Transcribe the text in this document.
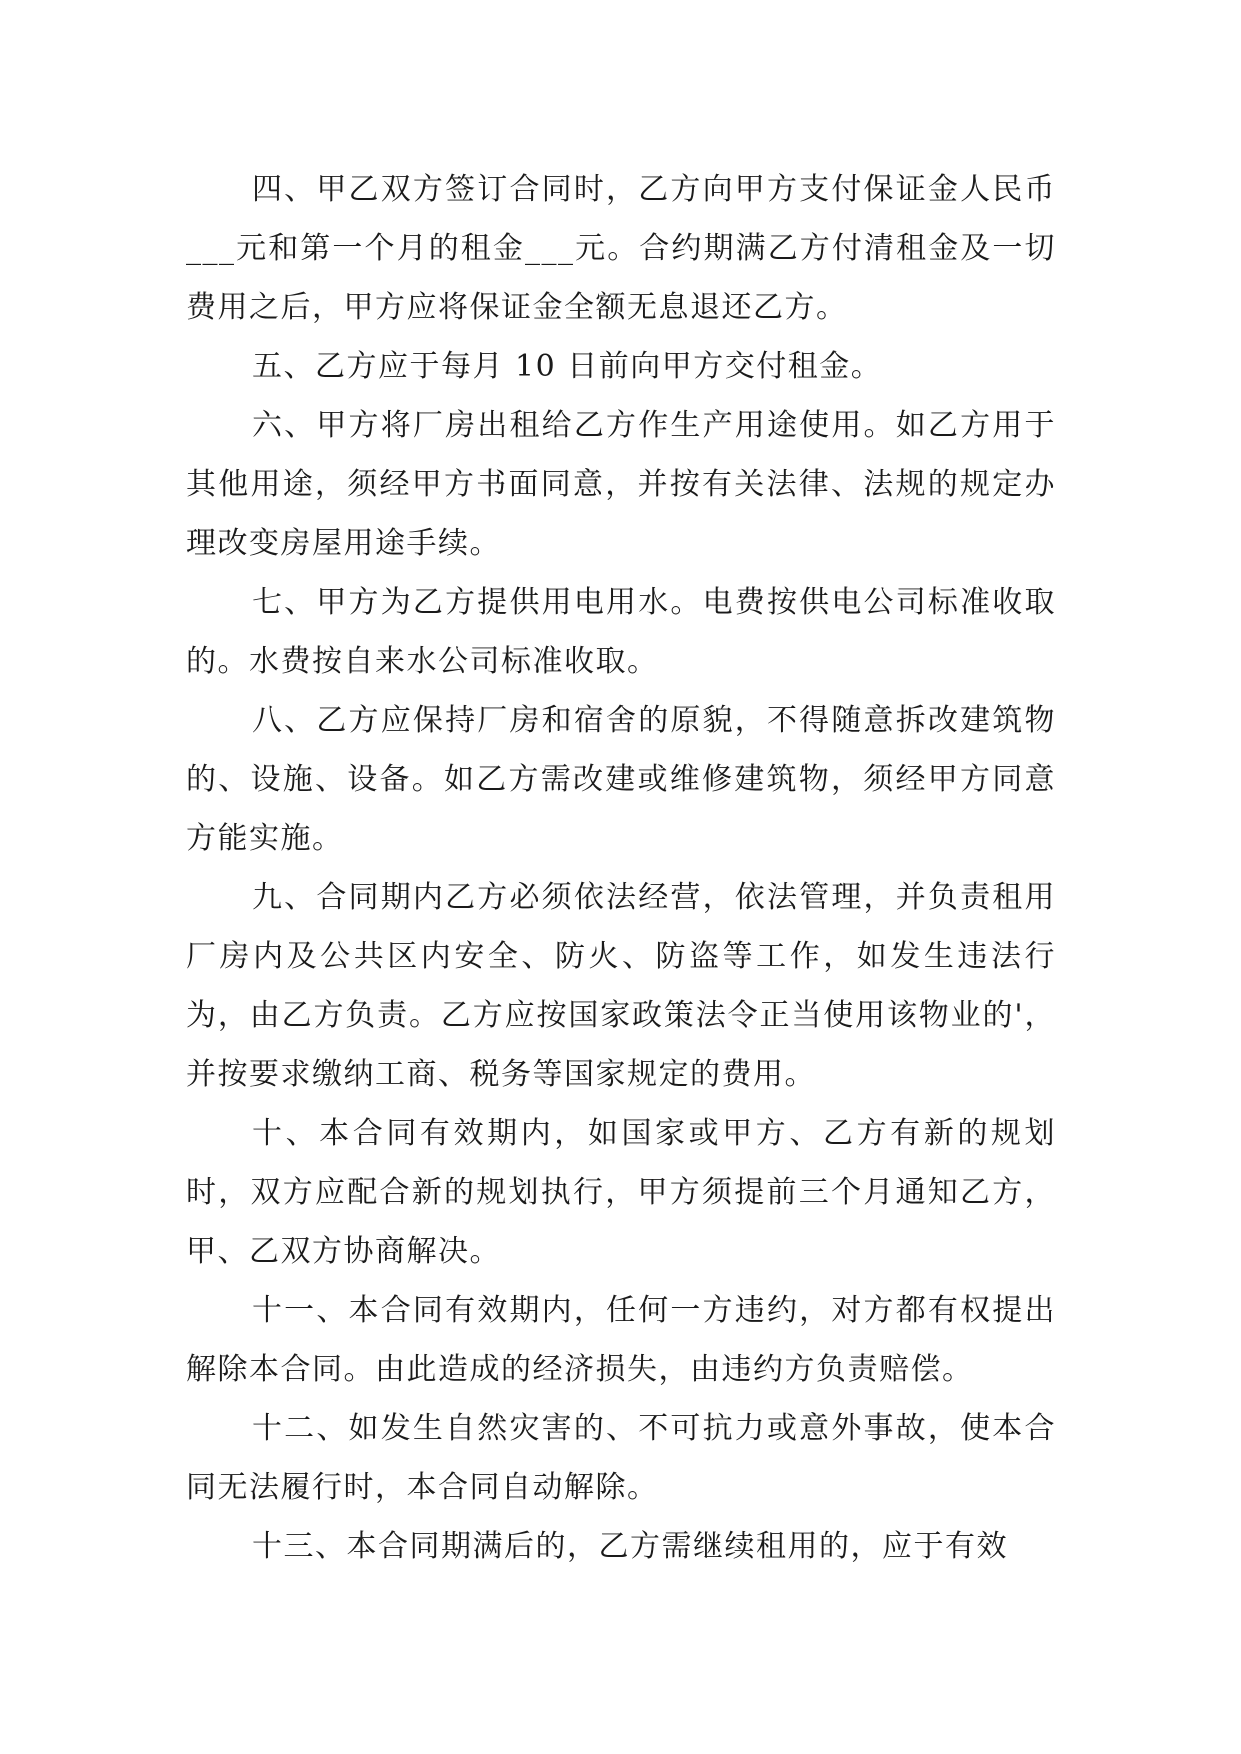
四、甲乙双方签订合同时，乙方向甲方支付保证金人民币___元和第一个月的租金___元。合约期满乙方付清租金及一切费用之后，甲方应将保证金全额无息退还乙方。

五、乙方应于每月 10 日前向甲方交付租金。

六、甲方将厂房出租给乙方作生产用途使用。如乙方用于其他用途，须经甲方书面同意，并按有关法律、法规的规定办理改变房屋用途手续。

七、甲方为乙方提供用电用水。电费按供电公司标准收取的。水费按自来水公司标准收取。

八、乙方应保持厂房和宿舍的原貌，不得随意拆改建筑物的、设施、设备。如乙方需改建或维修建筑物，须经甲方同意方能实施。

九、合同期内乙方必须依法经营，依法管理，并负责租用厂房内及公共区内安全、防火、防盗等工作，如发生违法行为，由乙方负责。乙方应按国家政策法令正当使用该物业的'，并按要求缴纳工商、税务等国家规定的费用。

十、本合同有效期内，如国家或甲方、乙方有新的规划时，双方应配合新的规划执行，甲方须提前三个月通知乙方，甲、乙双方协商解决。

十一、本合同有效期内，任何一方违约，对方都有权提出解除本合同。由此造成的经济损失，由违约方负责赔偿。

十二、如发生自然灾害的、不可抗力或意外事故，使本合同无法履行时，本合同自动解除。

十三、本合同期满后的，乙方需继续租用的，应于有效
